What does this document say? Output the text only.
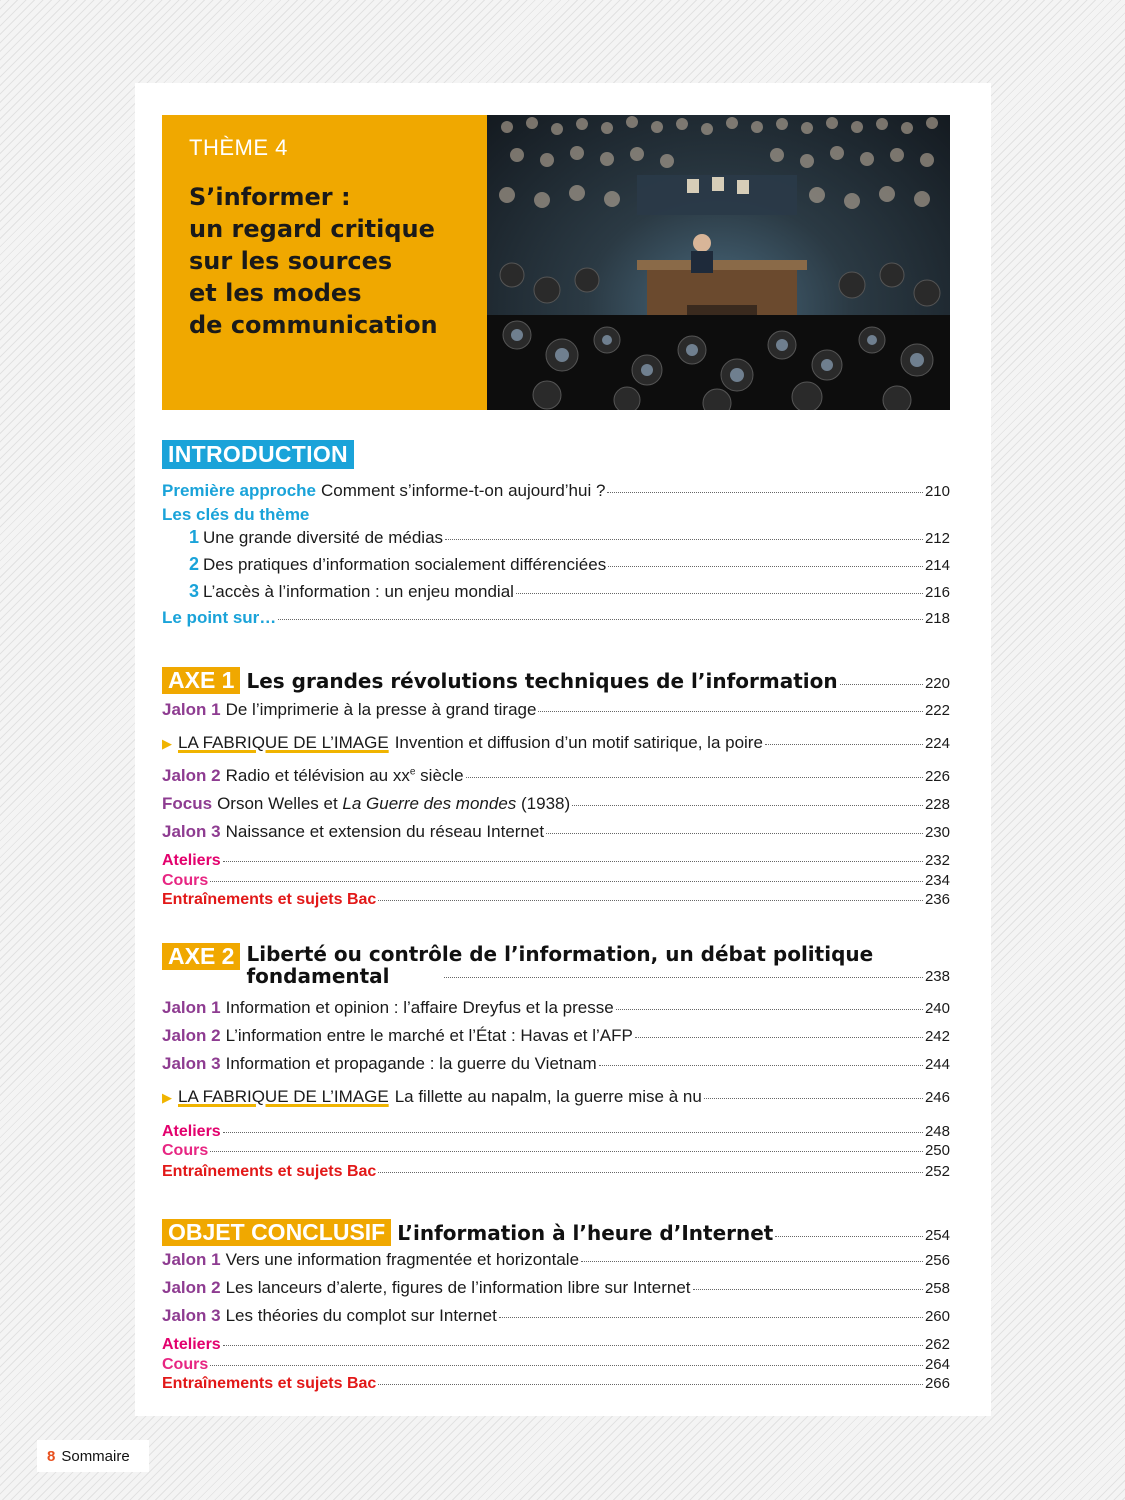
THÈME 4
S’informer :
un regard critique
sur les sources
et les modes
de communication
INTRODUCTION
Première approche Comment s’informe-t-on aujourd’hui ?	210
Les clés du thème
1 Une grande diversité de médias	212
2 Des pratiques d’information socialement différenciées	214
3 L’accès à l’information : un enjeu mondial	216
Le point sur…	218
AXE 1 Les grandes révolutions techniques de l’information	220
Jalon 1 De l’imprimerie à la presse à grand tirage	222
▶ LA FABRIQUE DE L’IMAGE Invention et diffusion d’un motif satirique, la poire	224
Jalon 2 Radio et télévision au $xx^e$ siècle	226
Focus Orson Welles et La Guerre des mondes (1938)	228
Jalon 3 Naissance et extension du réseau Internet	230
Ateliers	232
Cours	234
Entraînements et sujets Bac	236
AXE 2 Liberté ou contrôle de l’information, un débat politique
fondamental	238
Jalon 1 Information et opinion : l’affaire Dreyfus et la presse	240
Jalon 2 L’information entre le marché et l’État : Havas et l’AFP	242
Jalon 3 Information et propagande : la guerre du Vietnam	244
▶ LA FABRIQUE DE L’IMAGE La fillette au napalm, la guerre mise à nu	246
Ateliers	248
Cours	250
Entraînements et sujets Bac	252
OBJET CONCLUSIF L’information à l’heure d’Internet	254
Jalon 1 Vers une information fragmentée et horizontale	256
Jalon 2 Les lanceurs d’alerte, figures de l’information libre sur Internet	258
Jalon 3 Les théories du complot sur Internet	260
Ateliers	262
Cours	264
Entraînements et sujets Bac	266
8 Sommaire
